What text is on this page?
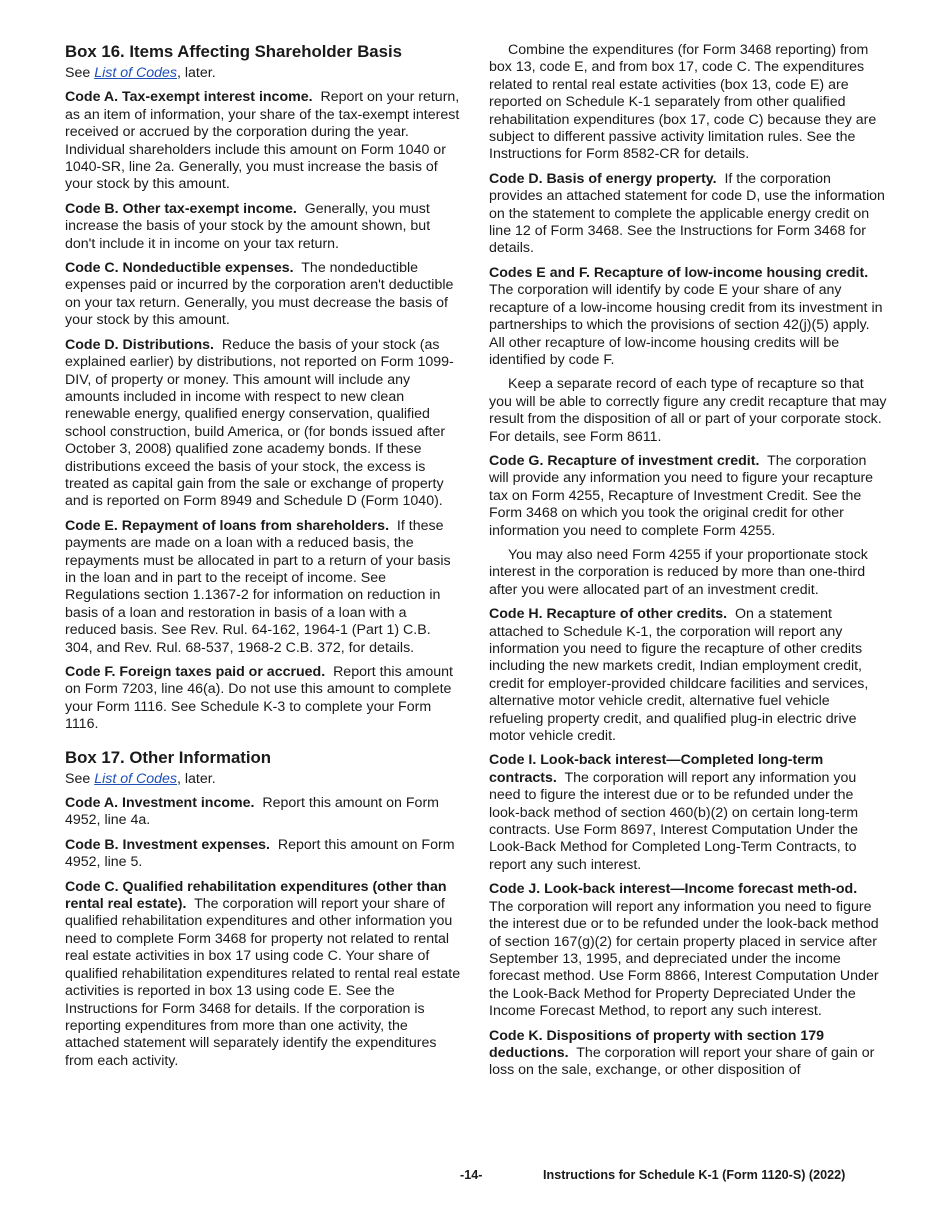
Box 16. Items Affecting Shareholder Basis

See List of Codes, later.

Code A. Tax-exempt interest income. Report on your return, as an item of information, your share of the tax-exempt interest received or accrued by the corporation during the year. Individual shareholders include this amount on Form 1040 or 1040-SR, line 2a. Generally, you must increase the basis of your stock by this amount.

Code B. Other tax-exempt income. Generally, you must increase the basis of your stock by the amount shown, but don't include it in income on your tax return.

Code C. Nondeductible expenses. The nondeductible expenses paid or incurred by the corporation aren't deductible on your tax return. Generally, you must decrease the basis of your stock by this amount.

Code D. Distributions. Reduce the basis of your stock (as explained earlier) by distributions, not reported on Form 1099-DIV, of property or money. This amount will include any amounts included in income with respect to new clean renewable energy, qualified energy conservation, qualified school construction, build America, or (for bonds issued after October 3, 2008) qualified zone academy bonds. If these distributions exceed the basis of your stock, the excess is treated as capital gain from the sale or exchange of property and is reported on Form 8949 and Schedule D (Form 1040).

Code E. Repayment of loans from shareholders. If these payments are made on a loan with a reduced basis, the repayments must be allocated in part to a return of your basis in the loan and in part to the receipt of income. See Regulations section 1.1367-2 for information on reduction in basis of a loan and restoration in basis of a loan with a reduced basis. See Rev. Rul. 64-162, 1964-1 (Part 1) C.B. 304, and Rev. Rul. 68-537, 1968-2 C.B. 372, for details.

Code F. Foreign taxes paid or accrued. Report this amount on Form 7203, line 46(a). Do not use this amount to complete your Form 1116. See Schedule K-3 to complete your Form 1116.

Box 17. Other Information

See List of Codes, later.

Code A. Investment income. Report this amount on Form 4952, line 4a.

Code B. Investment expenses. Report this amount on Form 4952, line 5.

Code C. Qualified rehabilitation expenditures (other than rental real estate). The corporation will report your share of qualified rehabilitation expenditures and other information you need to complete Form 3468 for property not related to rental real estate activities in box 17 using code C. Your share of qualified rehabilitation expenditures related to rental real estate activities is reported in box 13 using code E. See the Instructions for Form 3468 for details. If the corporation is reporting expenditures from more than one activity, the attached statement will separately identify the expenditures from each activity.

Combine the expenditures (for Form 3468 reporting) from box 13, code E, and from box 17, code C. The expenditures related to rental real estate activities (box 13, code E) are reported on Schedule K-1 separately from other qualified rehabilitation expenditures (box 17, code C) because they are subject to different passive activity limitation rules. See the Instructions for Form 8582-CR for details.

Code D. Basis of energy property. If the corporation provides an attached statement for code D, use the information on the statement to complete the applicable energy credit on line 12 of Form 3468. See the Instructions for Form 3468 for details.

Codes E and F. Recapture of low-income housing credit.  The corporation will identify by code E your share of any recapture of a low-income housing credit from its investment in partnerships to which the provisions of section 42(j)(5) apply. All other recapture of low-income housing credits will be identified by code F.

Keep a separate record of each type of recapture so that you will be able to correctly figure any credit recapture that may result from the disposition of all or part of your corporate stock. For details, see Form 8611.

Code G. Recapture of investment credit. The corporation will provide any information you need to figure your recapture tax on Form 4255, Recapture of Investment Credit. See the Form 3468 on which you took the original credit for other information you need to complete Form 4255.

You may also need Form 4255 if your proportionate stock interest in the corporation is reduced by more than one-third after you were allocated part of an investment credit.

Code H. Recapture of other credits. On a statement attached to Schedule K-1, the corporation will report any information you need to figure the recapture of other credits including the new markets credit, Indian employment credit, credit for employer-provided childcare facilities and services, alternative motor vehicle credit, alternative fuel vehicle refueling property credit, and qualified plug-in electric drive motor vehicle credit.

Code I. Look-back interest—Completed long-term contracts. The corporation will report any information you need to figure the interest due or to be refunded under the look-back method of section 460(b)(2) on certain long-term contracts. Use Form 8697, Interest Computation Under the Look-Back Method for Completed Long-Term Contracts, to report any such interest.

Code J. Look-back interest—Income forecast meth-od.  The corporation will report any information you need to figure the interest due or to be refunded under the look-back method of section 167(g)(2) for certain property placed in service after September 13, 1995, and depreciated under the income forecast method. Use Form 8866, Interest Computation Under the Look-Back Method for Property Depreciated Under the Income Forecast Method, to report any such interest.

Code K. Dispositions of property with section 179 deductions. The corporation will report your share of gain or loss on the sale, exchange, or other disposition of

-14-	Instructions for Schedule K-1 (Form 1120-S) (2022)
